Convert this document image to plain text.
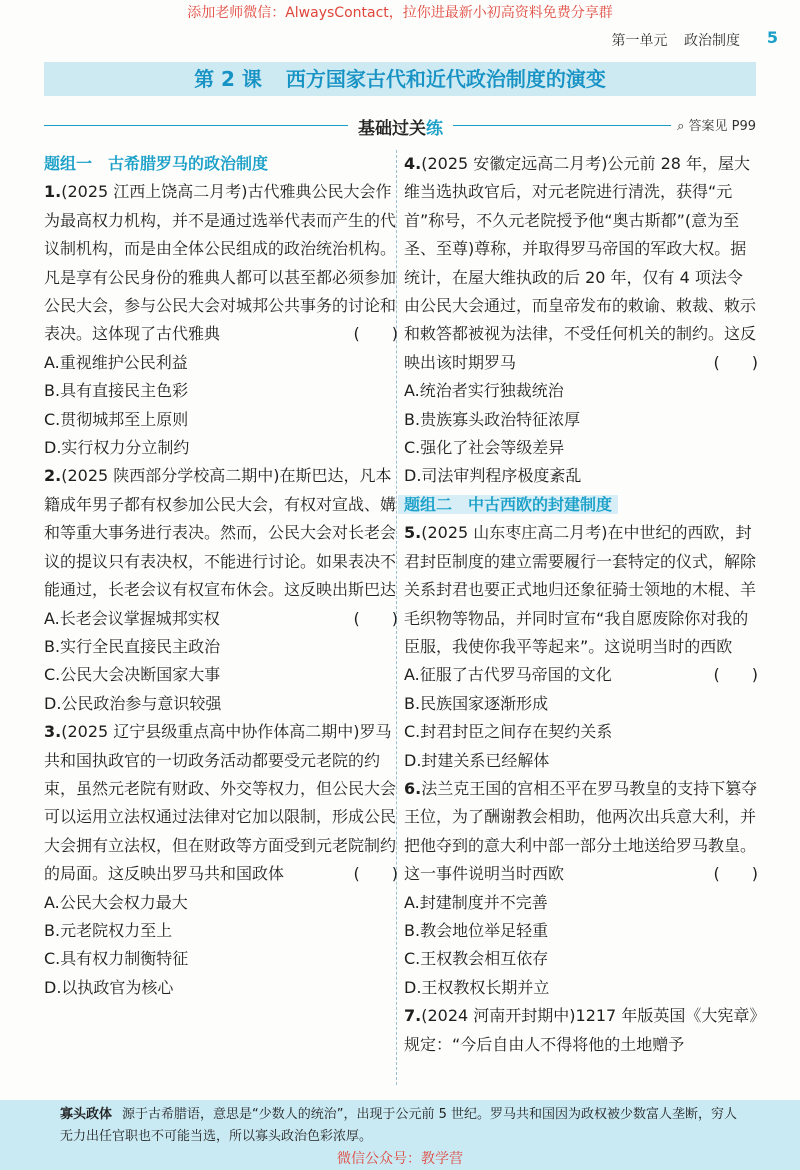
添加老师微信：AlwaysContact，拉你进最新小初高资料免费分享群
第一单元 政治制度 5
第 2 课 西方国家古代和近代政治制度的演变
基础过关练	⌕ 答案见 P99
题组一　古希腊罗马的政治制度
1.(2025 江西上饶高二月考)古代雅典公民大会作为最高权力机构，并不是通过选举代表而产生的代议制机构，而是由全体公民组成的政治统治机构。凡是享有公民身份的雅典人都可以甚至都必须参加公民大会，参与公民大会对城邦公共事务的讨论和表决。这体现了古代雅典	(　　)
A.重视维护公民利益
B.具有直接民主色彩
C.贯彻城邦至上原则
D.实行权力分立制约
2.(2025 陕西部分学校高二期中)在斯巴达，凡本籍成年男子都有权参加公民大会，有权对宣战、媾和等重大事务进行表决。然而，公民大会对长老会议的提议只有表决权，不能进行讨论。如果表决不能通过，长老会议有权宣布休会。这反映出斯巴达
(　　)
A.长老会议掌握城邦实权
B.实行全民直接民主政治
C.公民大会决断国家大事
D.公民政治参与意识较强
3.(2025 辽宁县级重点高中协作体高二期中)罗马共和国执政官的一切政务活动都要受元老院的约束，虽然元老院有财政、外交等权力，但公民大会可以运用立法权通过法律对它加以限制，形成公民大会拥有立法权，但在财政等方面受到元老院制约的局面。这反映出罗马共和国政体	(　　)
A.公民大会权力最大
B.元老院权力至上
C.具有权力制衡特征
D.以执政官为核心
4.(2025 安徽定远高二月考)公元前 28 年，屋大维当选执政官后，对元老院进行清洗，获得“元首”称号，不久元老院授予他“奥古斯都”(意为至圣、至尊)尊称，并取得罗马帝国的军政大权。据统计，在屋大维执政的后 20 年，仅有 4 项法令由公民大会通过，而皇帝发布的敕谕、敕裁、敕示和敕答都被视为法律，不受任何机关的制约。这反映出该时期罗马	(　　)
A.统治者实行独裁统治
B.贵族寡头政治特征浓厚
C.强化了社会等级差异
D.司法审判程序极度紊乱
题组二　中古西欧的封建制度
5.(2025 山东枣庄高二月考)在中世纪的西欧，封君封臣制度的建立需要履行一套特定的仪式，解除关系封君也要正式地归还象征骑士领地的木棍、羊毛织物等物品，并同时宣布“我自愿废除你对我的臣服，我使你我平等起来”。这说明当时的西欧
(　　)
A.征服了古代罗马帝国的文化
B.民族国家逐渐形成
C.封君封臣之间存在契约关系
D.封建关系已经解体
6.法兰克王国的宫相丕平在罗马教皇的支持下篡夺王位，为了酬谢教会相助，他两次出兵意大利，并把他夺到的意大利中部一部分土地送给罗马教皇。这一事件说明当时西欧	(　　)
A.封建制度并不完善
B.教会地位举足轻重
C.王权教会相互依存
D.王权教权长期并立
7.(2024 河南开封期中)1217 年版英国《大宪章》规定：“今后自由人不得将他的土地赠予
寡头政体 源于古希腊语，意思是“少数人的统治”，出现于公元前 5 世纪。罗马共和国因为政权被少数富人垄断，穷人无力出任官职也不可能当选，所以寡头政治色彩浓厚。
微信公众号：教学营
